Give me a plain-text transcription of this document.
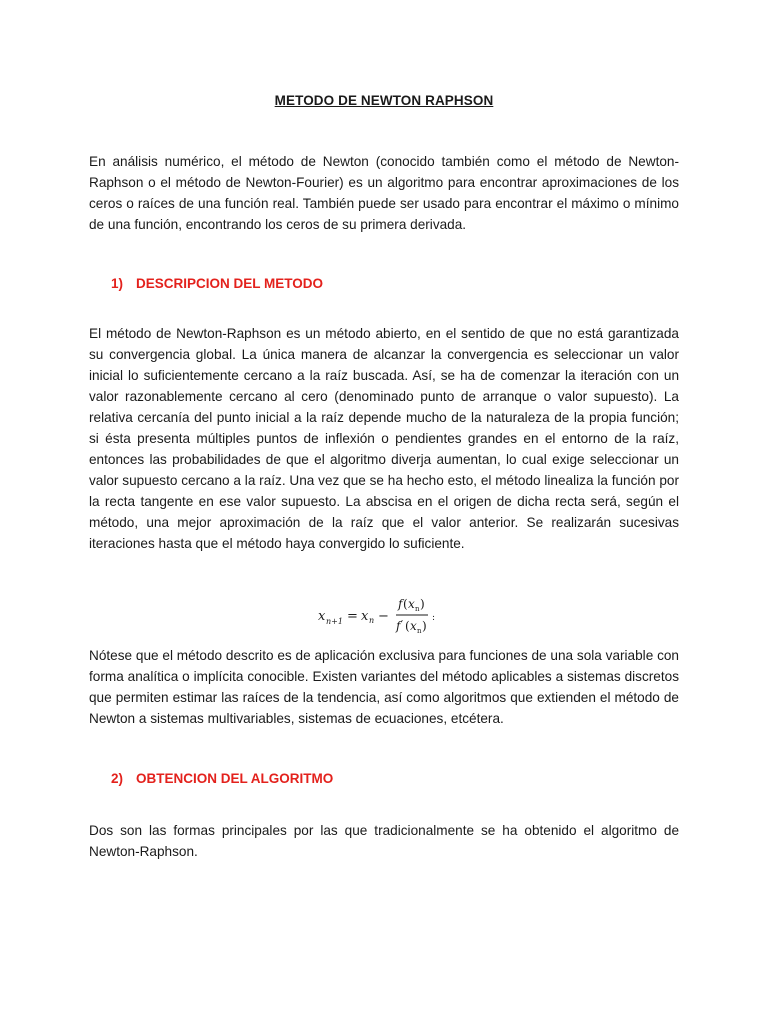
METODO DE NEWTON RAPHSON

En análisis numérico, el método de Newton (conocido también como el método de Newton-Raphson o el método de Newton-Fourier) es un algoritmo para encontrar aproximaciones de los ceros o raíces de una función real. También puede ser usado para encontrar el máximo o mínimo de una función, encontrando los ceros de su primera derivada.

1) DESCRIPCION DEL METODO

El método de Newton-Raphson es un método abierto, en el sentido de que no está garantizada su convergencia global. La única manera de alcanzar la convergencia es seleccionar un valor inicial lo suficientemente cercano a la raíz buscada. Así, se ha de comenzar la iteración con un valor razonablemente cercano al cero (denominado punto de arranque o valor supuesto). La relativa cercanía del punto inicial a la raíz depende mucho de la naturaleza de la propia función; si ésta presenta múltiples puntos de inflexión o pendientes grandes en el entorno de la raíz, entonces las probabilidades de que el algoritmo diverja aumentan, lo cual exige seleccionar un valor supuesto cercano a la raíz. Una vez que se ha hecho esto, el método linealiza la función por la recta tangente en ese valor supuesto. La abscisa en el origen de dicha recta será, según el método, una mejor aproximación de la raíz que el valor anterior. Se realizarán sucesivas iteraciones hasta que el método haya convergido lo suficiente.

x n+1 = x n −
f ( x n )
f ′ ( x n )
:

Nótese que el método descrito es de aplicación exclusiva para funciones de una sola variable con forma analítica o implícita conocible. Existen variantes del método aplicables a sistemas discretos que permiten estimar las raíces de la tendencia, así como algoritmos que extienden el método de Newton a sistemas multivariables, sistemas de ecuaciones, etcétera.

2) OBTENCION DEL ALGORITMO

Dos son las formas principales por las que tradicionalmente se ha obtenido el algoritmo de Newton-Raphson.
